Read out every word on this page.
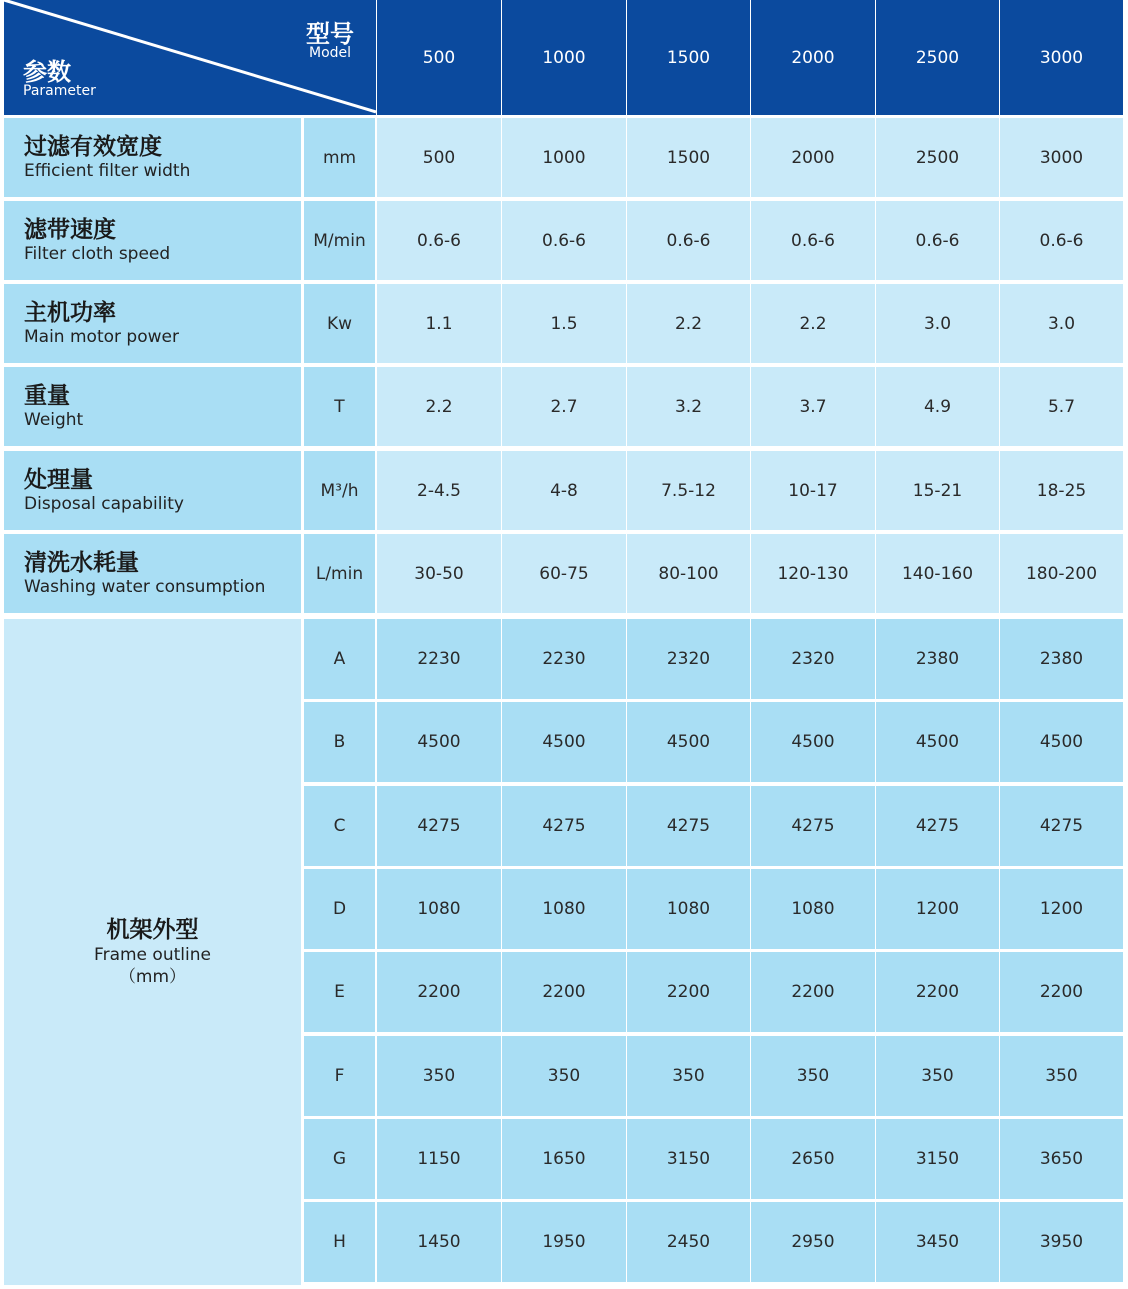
型号
Model
参数
Parameter
500	1000	1500	2000	2500	3000
过滤有效宽度
Efficient filter width
mm	500	1000	1500	2000	2500	3000
滤带速度
Filter cloth speed
M/min	0.6-6	0.6-6	0.6-6	0.6-6	0.6-6	0.6-6
主机功率
Main motor power
Kw	1.1	1.5	2.2	2.2	3.0	3.0
重量
Weight
T	2.2	2.7	3.2	3.7	4.9	5.7
处理量
Disposal capability
M³/h	2-4.5	4-8	7.5-12	10-17	15-21	18-25
清洗水耗量
Washing water consumption
L/min	30-50	60-75	80-100	120-130	140-160	180-200
机架外型
Frame outline
（mm）
A	2230	2230	2320	2320	2380	2380
B	4500	4500	4500	4500	4500	4500
C	4275	4275	4275	4275	4275	4275
D	1080	1080	1080	1080	1200	1200
E	2200	2200	2200	2200	2200	2200
F	350	350	350	350	350	350
G	1150	1650	3150	2650	3150	3650
H	1450	1950	2450	2950	3450	3950
